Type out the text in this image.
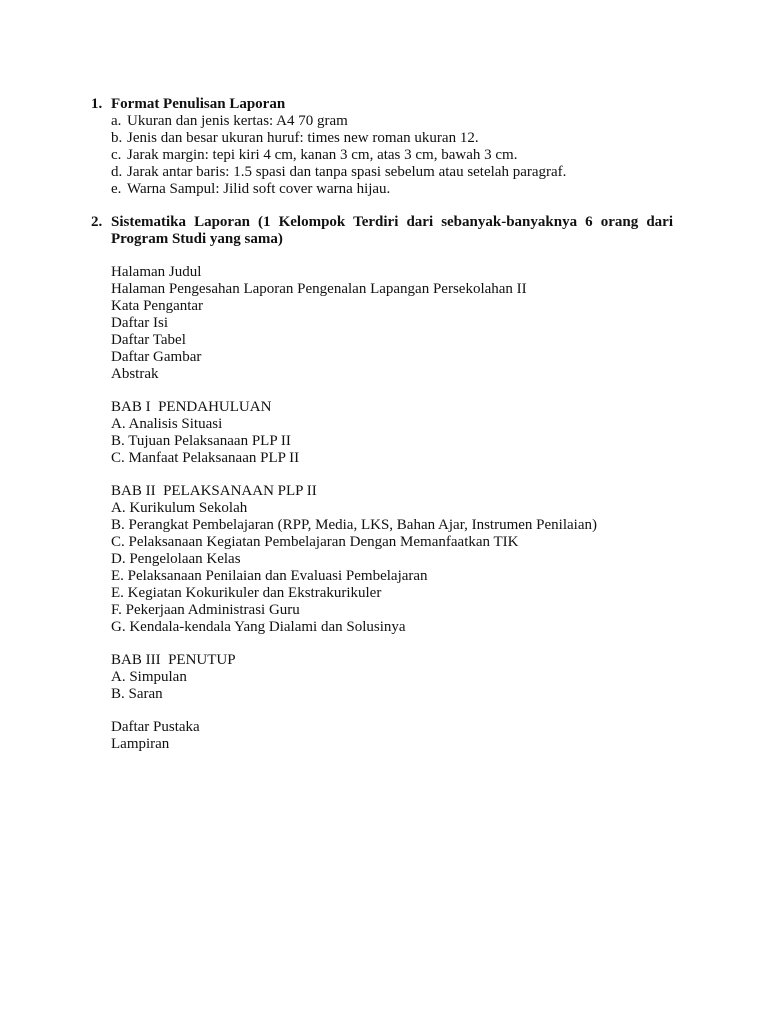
1. Format Penulisan Laporan
a. Ukuran dan jenis kertas: A4 70 gram
b. Jenis dan besar ukuran huruf: times new roman ukuran 12.
c. Jarak margin: tepi kiri 4 cm, kanan 3 cm, atas 3 cm, bawah 3 cm.
d. Jarak antar baris: 1.5 spasi dan tanpa spasi sebelum atau setelah paragraf.
e. Warna Sampul: Jilid soft cover warna hijau.
2. Sistematika Laporan (1 Kelompok Terdiri dari sebanyak-banyaknya 6 orang dari
Program Studi yang sama)
Halaman Judul
Halaman Pengesahan Laporan Pengenalan Lapangan Persekolahan II
Kata Pengantar
Daftar Isi
Daftar Tabel
Daftar Gambar
Abstrak
BAB I  PENDAHULUAN
A. Analisis Situasi
B. Tujuan Pelaksanaan PLP II
C. Manfaat Pelaksanaan PLP II
BAB II  PELAKSANAAN PLP II
A. Kurikulum Sekolah
B. Perangkat Pembelajaran (RPP, Media, LKS, Bahan Ajar, Instrumen Penilaian)
C. Pelaksanaan Kegiatan Pembelajaran Dengan Memanfaatkan TIK
D. Pengelolaan Kelas
E. Pelaksanaan Penilaian dan Evaluasi Pembelajaran
E. Kegiatan Kokurikuler dan Ekstrakurikuler
F. Pekerjaan Administrasi Guru
G. Kendala-kendala Yang Dialami dan Solusinya
BAB III  PENUTUP
A. Simpulan
B. Saran
Daftar Pustaka
Lampiran
